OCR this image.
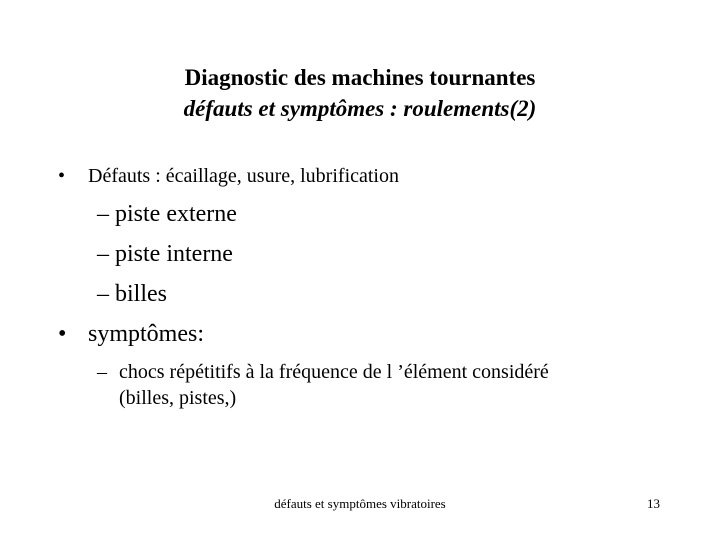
Diagnostic des machines tournantes
défauts et symptômes : roulements(2)
• Défauts : écaillage, usure, lubrification
– piste externe
– piste interne
– billes
• symptômes:
– chocs répétitifs à la fréquence de l ’élément considéré
(billes, pistes,)
défauts et symptômes vibratoires	13
